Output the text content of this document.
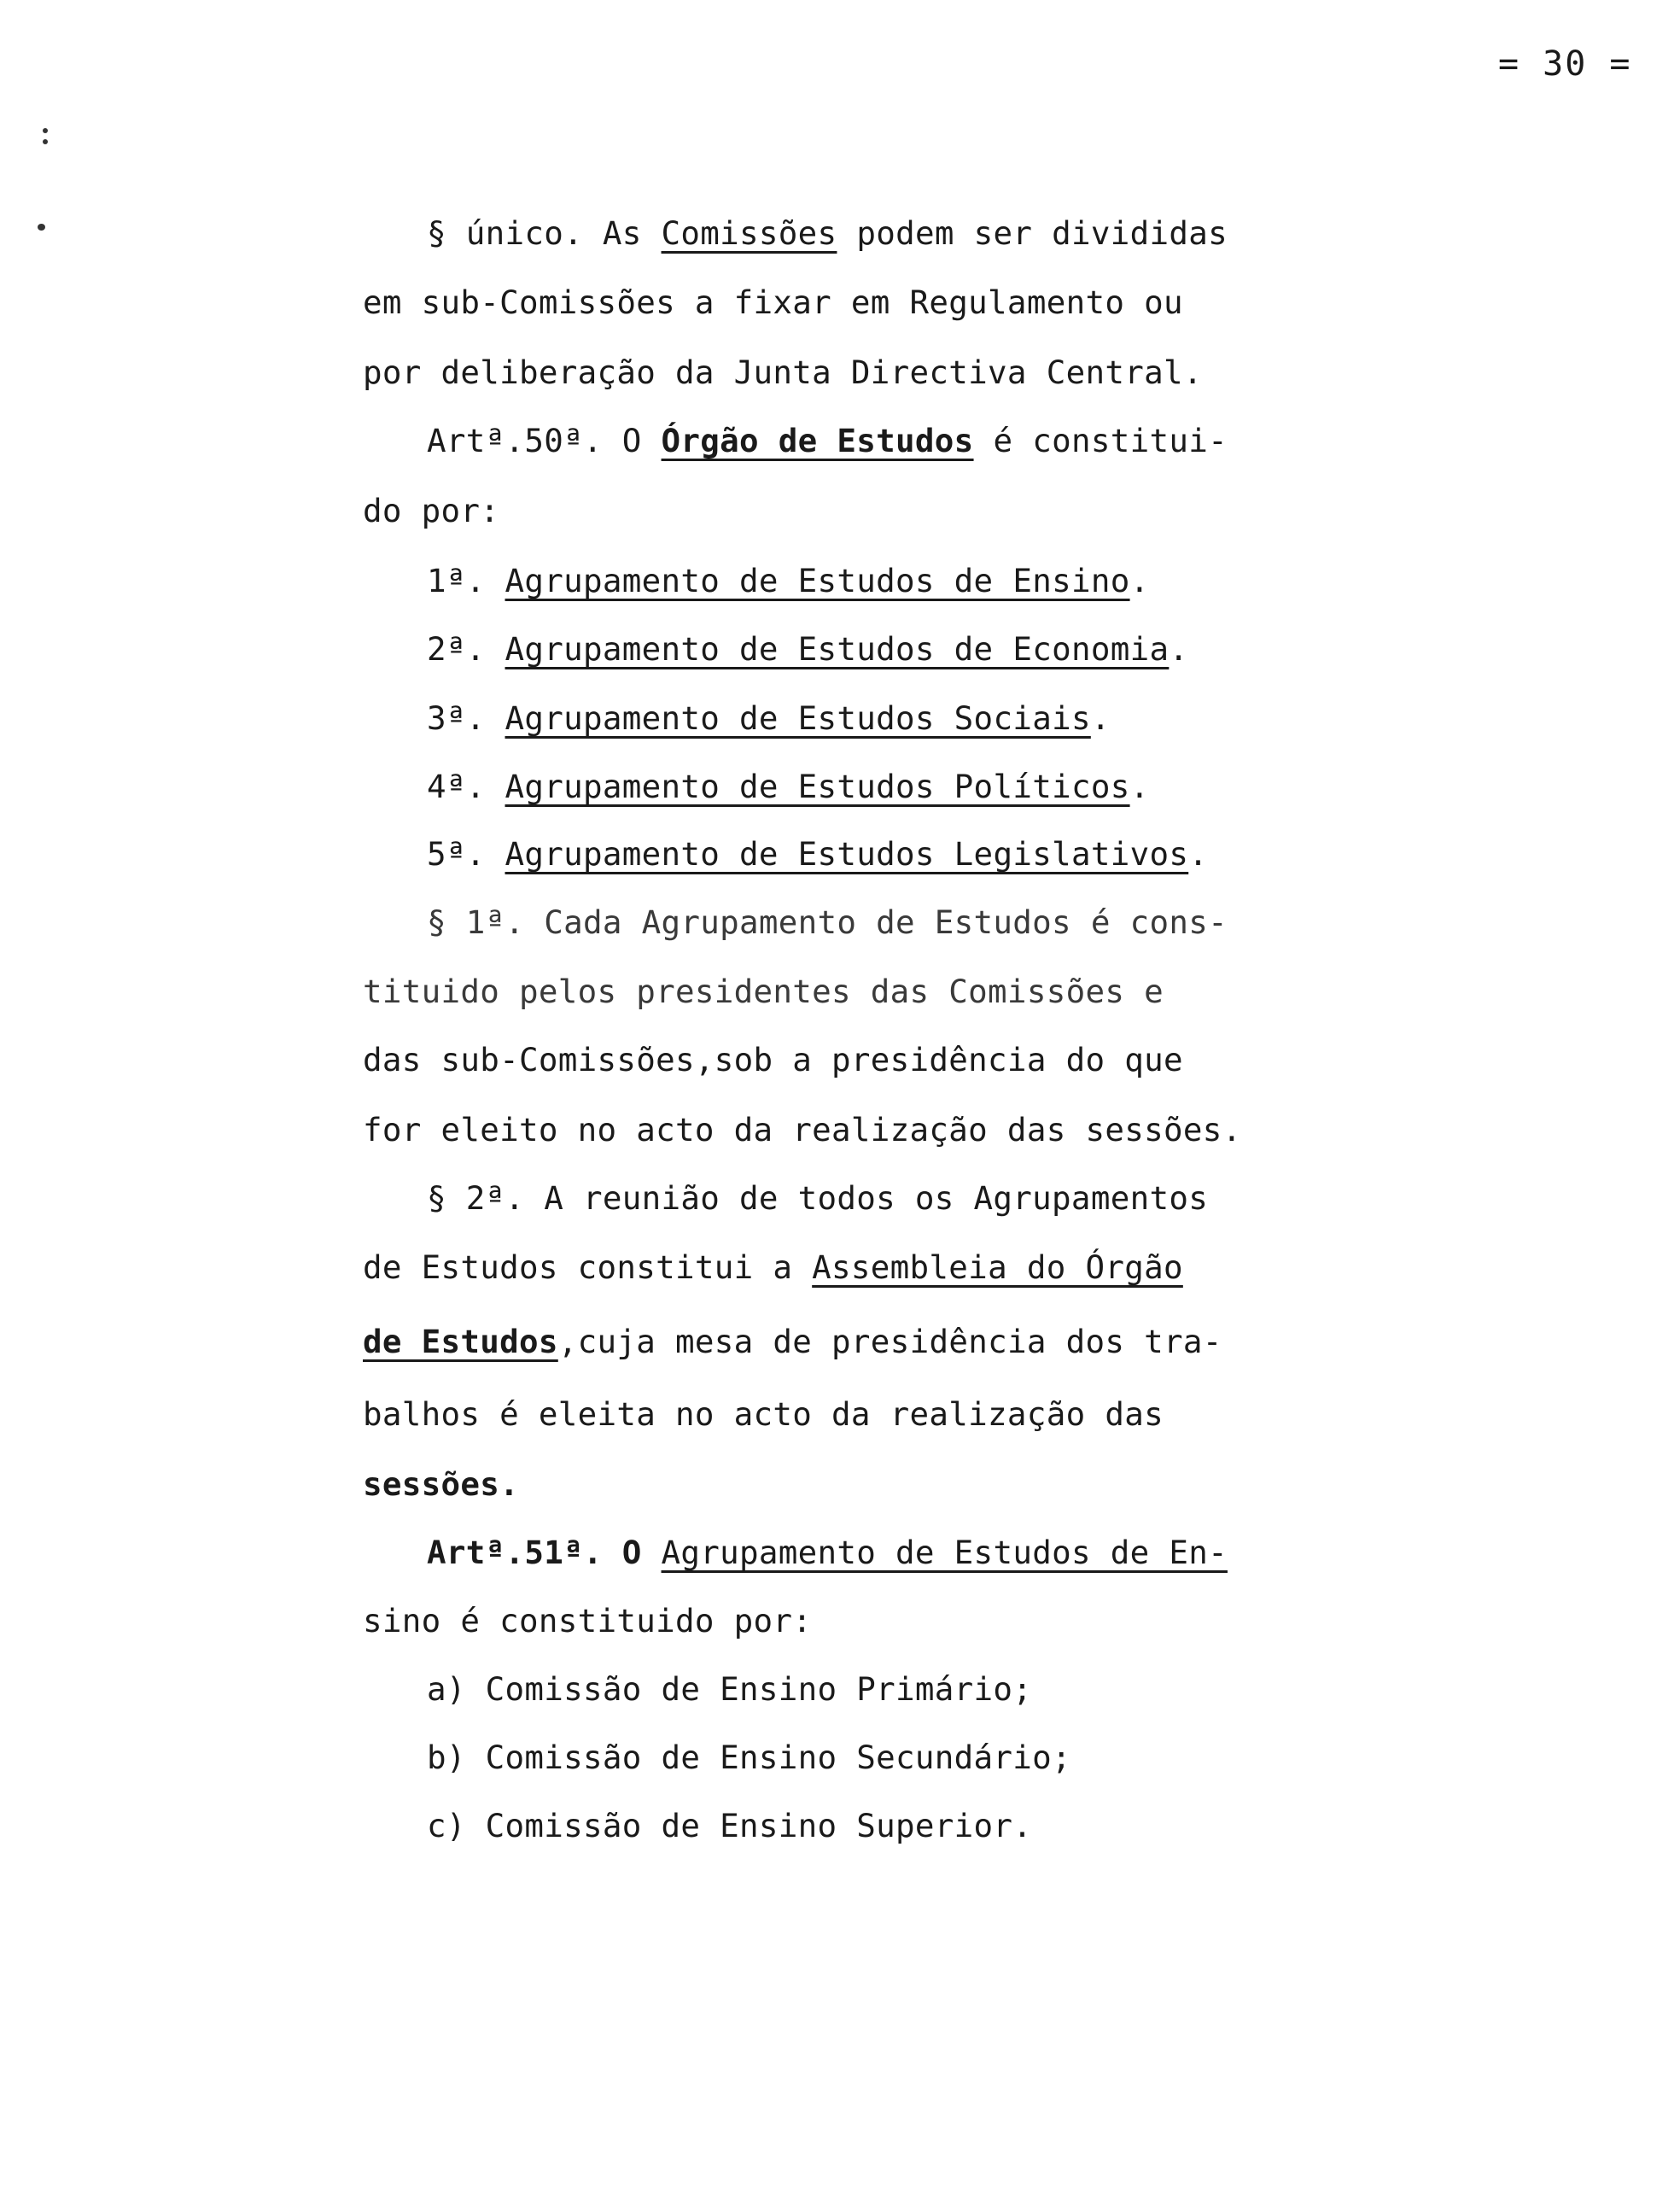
= 30 =
§ único. As Comissões podem ser divididas
em sub-Comissões a fixar em Regulamento ou
por deliberação da Junta Directiva Central.
Artª.50ª. O Órgão de Estudos é constitui-
do por:
1ª. Agrupamento de Estudos de Ensino.
2ª. Agrupamento de Estudos de Economia.
3ª. Agrupamento de Estudos Sociais.
4ª. Agrupamento de Estudos Políticos.
5ª. Agrupamento de Estudos Legislativos.
§ 1ª. Cada Agrupamento de Estudos é cons-
tituido pelos presidentes das Comissões e
das sub-Comissões,sob a presidência do que
for eleito no acto da realização das sessões.
§ 2ª. A reunião de todos os Agrupamentos
de Estudos constitui a Assembleia do Órgão
de Estudos,cuja mesa de presidência dos tra-
balhos é eleita no acto da realização das
sessões.
Artª.51ª. O Agrupamento de Estudos de En-
sino é constituido por:
a) Comissão de Ensino Primário;
b) Comissão de Ensino Secundário;
c) Comissão de Ensino Superior.
